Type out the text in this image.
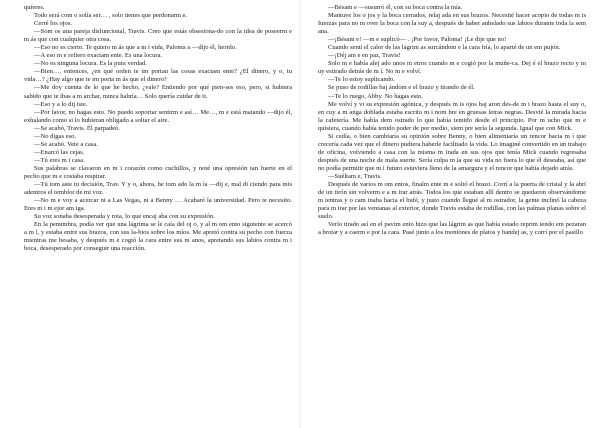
quieres.

Todo será com o solía ser… , solo tienes que perdonarm e.

Cerré los ojos.

—Som os una pareja disfuncional, Travis. Creo que estás obsesiona-do con la idea de poseerm e m ás que con cualquier otra cosa.

—Eso no es cierto. Te quiero m ás que a m í vida, Paloma a —dijo él, herido.

—A eso m e refiero exactam ente. Es una locura.

—No es ninguna locura. Es la pura verdad.

—Bien…, entonces, ¿en qué orden te im portan las cosas exactam ente? ¿El dinero, y o, tu vida…? ¿Hay algo que te im porta m ás que el dinero?

—Me doy cuenta de lo que he hecho, ¿vale? Entiendo por qué pien-ses eso, pero, si hubiera sabido que te ibas a m archar, nunca habría… Solo quería cuidar de ti.

—Eso y a lo dij iste.

—Por favor, no hagas esto. No puedo soportar sentirm e así… Me…, m e está matando —dijo él, exhalando como si lo hubieran obligado a soltar el aire.

—Se acabó, Travis. Él parpadeó.

—No digas eso.

—Se acabó. Vete a casa.

—Enarcó las cejas.

—Tú eres m i casa.

Sus palabras se clavaron en m i corazón como cuchillos, y noté una opresión tan fuerte en el pecho que m e costaba respirar.

—Tú tom aste tu decisión, Trav. Y y o, ahora, he tom ado la m ía —dij e, mal di ciendo para mis adentros el temblor de mi voz.

—No m e voy a acercar ni a Las Vegas, ni a Benny … Acabaré la universidad. Pero te necesito. Eres m i m ejor am iga.

Su voz sonaba desesperada y rota, lo que encaj aba con su expresión.

En la penumbra, podía ver que una lágrima se le caía del oj o, y al m om ento siguiente se acercó a m í, y estaba entre sus brazos, con sus la-bios sobre los míos. Me apretó contra su pecho con fuerza mientras me besaba, y después m e cogió la cara entre sus m anos, apretando sus labios contra m i boca, desesperado por conseguir una reacción.

—Bésam e —susurró él, con su boca contra la mía.

Mantuve los o jos y la boca cerrados, relaj ada en sus brazos. Necesité hacer acopio de todas m is fuerzas para no m over la boca con la suy a, después de haber anhelado sus labios durante toda la sem ana.

—¡Bésam e! —m e suplicó— . ¡Por favor, Paloma! ¡Le dije que no!

Cuando sentí el calor de las lágrim as surcándom e la cara fría, lo aparté de un em pujón.

—¡Déj am e en paz, Travis!

Solo m e había alej ado unos m etros cuando m e cogió por la muñe-ca. Dej é el brazo recto y m uy estirado detrás de m í. No m e volví.

—Te lo estoy suplicando.

Se puso de rodillas baj ándom e el brazo y tirando de él.

—Te lo ruego, Abby. No hagas esto.

Me volví y vi su expresión agónica, y después m is ojos baj aron des-de m i brazo hasta el suy o, en cuy a m anga doblada estaba escrito m i nom bre en gruesas letras negras. Desvié la mirada hacia la cafetería. Me había dem ostrado lo que había temido desde el principio. Por m ucho que m e quisiera, cuando había tenido poder de por medio, siem pre sería la segunda. Igual que con Mick.

Si cedía, o bien cambiaría su opinión sobre Benny, o bien alimentaría un rencor hacia m í que crecería cada vez que el dinero pudiera haberle facilitado la vida. Lo imaginé convertido en un trabajo de oficina, volviendo a casa con la misma m irada en sus ojos que tenía Mick cuando regresaba después de una noche de mala suerte. Sería culpa m ía que su vida no fuera lo que él deseaba, así que no podía permitir que m i futuro estuviera lleno de la amargura y el rencor que había dejado atrás.

—Suéltam e, Travis.

Después de varios m om entos, finalm ente m e soltó el brazo. Corrí a la puerta de cristal y la abrí de un tirón sin volverm e a m irar atrás. Todos los que estaban allí dentro se quedaron observándome m ientras y o cam inaba hacia el bufé, y justo cuando llegué al m ostrador, la gente inclinó la cabeza para m irar por las ventanas al exterior, donde Travis estaba de rodillas, con las palmas planas sobre el suelo.

Verlo tirado así en el pavim ento hizo que las lágrim as que había estado reprim iendo em pezaran a brotar y a caerm e por la cara. Pasé junto a los montones de platos y bandej as, y corrí por el pasillo
